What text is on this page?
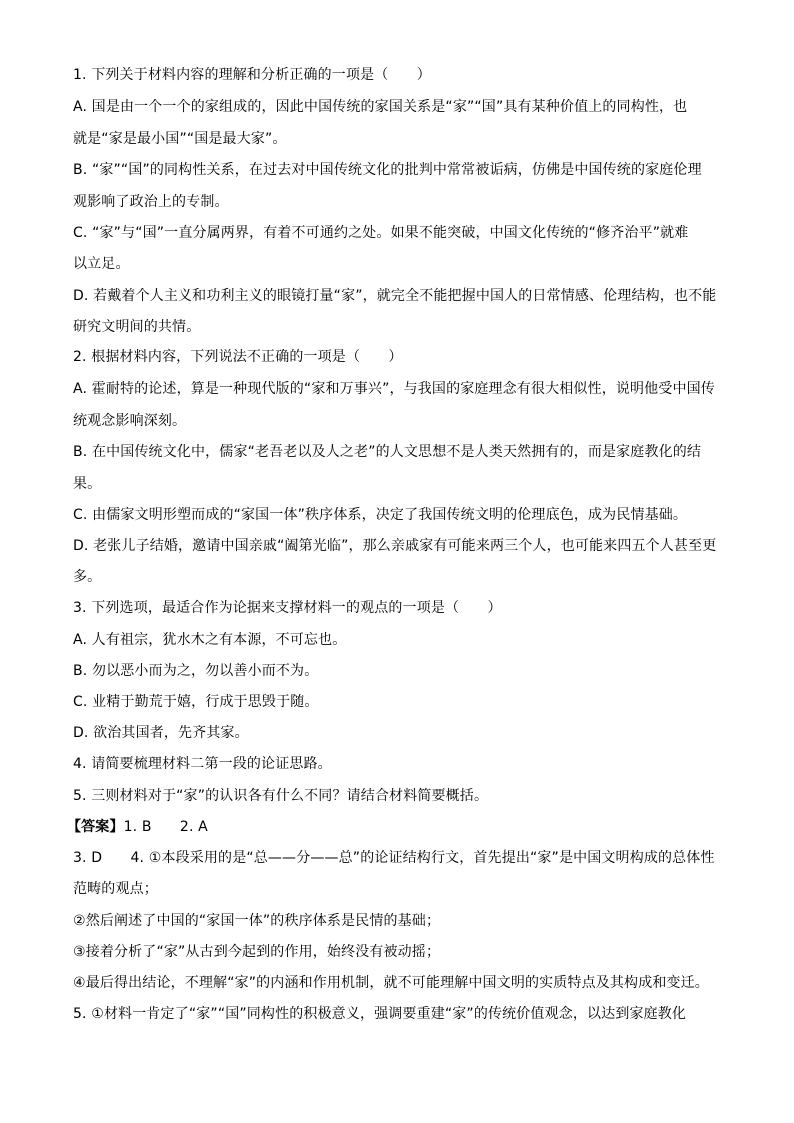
1. 下列关于材料内容的理解和分析正确的一项是（　　）
A. 国是由一个一个的家组成的，因此中国传统的家国关系是“家”“国”具有某种价值上的同构性，也
就是“家是最小国”“国是最大家”。
B. “家”“国”的同构性关系，在过去对中国传统文化的批判中常常被诟病，仿佛是中国传统的家庭伦理
观影响了政治上的专制。
C. “家”与“国”一直分属两界，有着不可通约之处。如果不能突破，中国文化传统的“修齐治平”就难
以立足。
D. 若戴着个人主义和功利主义的眼镜打量“家”，就完全不能把握中国人的日常情感、伦理结构，也不能
研究文明间的共情。
2. 根据材料内容，下列说法不正确的一项是（　　）
A. 霍耐特的论述，算是一种现代版的“家和万事兴”，与我国的家庭理念有很大相似性，说明他受中国传
统观念影响深刻。
B. 在中国传统文化中，儒家“老吾老以及人之老”的人文思想不是人类天然拥有的，而是家庭教化的结
果。
C. 由儒家文明形塑而成的“家国一体”秩序体系，决定了我国传统文明的伦理底色，成为民情基础。
D. 老张儿子结婚，邀请中国亲戚“阖第光临”，那么亲戚家有可能来两三个人，也可能来四五个人甚至更
多。
3. 下列选项，最适合作为论据来支撑材料一的观点的一项是（　　）
A. 人有祖宗，犹水木之有本源，不可忘也。
B. 勿以恶小而为之，勿以善小而不为。
C. 业精于勤荒于嬉，行成于思毁于随。
D. 欲治其国者，先齐其家。
4. 请简要梳理材料二第一段的论证思路。
5. 三则材料对于“家”的认识各有什么不同？请结合材料简要概括。
【答案】1. B　　2. A
3. D　　4. ①本段采用的是“总——分——总”的论证结构行文，首先提出“家”是中国文明构成的总体性
范畴的观点；
②然后阐述了中国的“家国一体”的秩序体系是民情的基础；
③接着分析了“家”从古到今起到的作用，始终没有被动摇；
④最后得出结论，不理解“家”的内涵和作用机制，就不可能理解中国文明的实质特点及其构成和变迁。
5. ①材料一肯定了“家”“国”同构性的积极意义，强调要重建“家”的传统价值观念，以达到家庭教化
